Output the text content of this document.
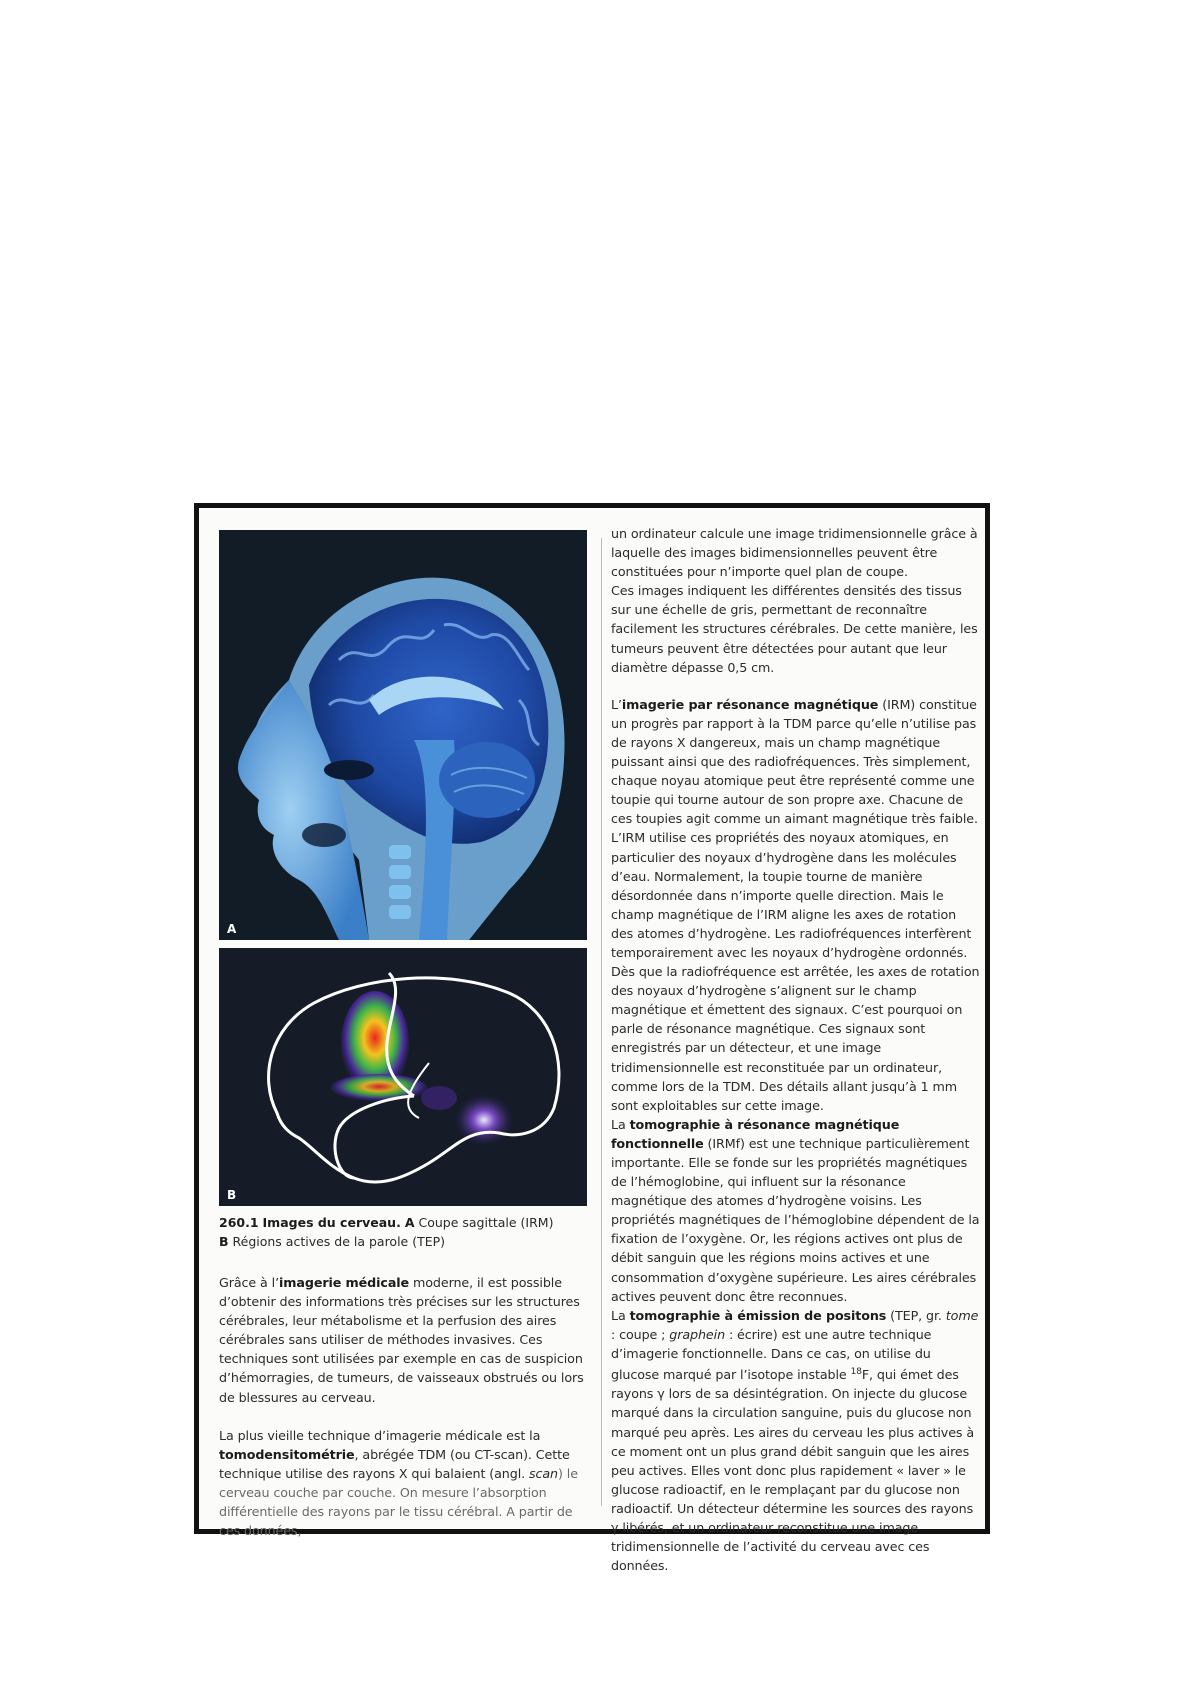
A
B
260.1 Images du cerveau. A Coupe sagittale (IRM)
B Régions actives de la parole (TEP)

Grâce à l’imagerie médicale moderne, il est possible d’obtenir des informations très précises sur les structures cérébrales, leur métabolisme et la perfusion des aires cérébrales sans utiliser de méthodes invasives. Ces techniques sont utilisées par exemple en cas de suspicion d’hémorragies, de tumeurs, de vaisseaux obstrués ou lors de blessures au cerveau.

La plus vieille technique d’imagerie médicale est la tomodensitométrie, abrégée TDM (ou CT-scan). Cette technique utilise des rayons X qui balaient (angl. scan) le cerveau couche par couche. On mesure l’absorption différentielle des rayons par le tissu cérébral. A partir de ces données,

un ordinateur calcule une image tridimensionnelle grâce à laquelle des images bidimensionnelles peuvent être constituées pour n’importe quel plan de coupe.

Ces images indiquent les différentes densités des tissus sur une échelle de gris, permettant de reconnaître facilement les structures cérébrales. De cette manière, les tumeurs peuvent être détectées pour autant que leur diamètre dépasse 0,5 cm.

L’imagerie par résonance magnétique (IRM) constitue un progrès par rapport à la TDM parce qu’elle n’utilise pas de rayons X dangereux, mais un champ magnétique puissant ainsi que des radiofréquences. Très simplement, chaque noyau atomique peut être représenté comme une toupie qui tourne autour de son propre axe. Chacune de ces toupies agit comme un aimant magnétique très faible. L’IRM utilise ces propriétés des noyaux atomiques, en particulier des noyaux d’hydrogène dans les molécules d’eau. Normalement, la toupie tourne de manière désordonnée dans n’importe quelle direction. Mais le champ magnétique de l’IRM aligne les axes de rotation des atomes d’hydrogène. Les radiofréquences interfèrent temporairement avec les noyaux d’hydrogène ordonnés. Dès que la radiofréquence est arrêtée, les axes de rotation des noyaux d’hydrogène s’alignent sur le champ magnétique et émettent des signaux. C’est pourquoi on parle de résonance magnétique. Ces signaux sont enregistrés par un détecteur, et une image tridimensionnelle est reconstituée par un ordinateur, comme lors de la TDM. Des détails allant jusqu’à 1 mm sont exploitables sur cette image.

La tomographie à résonance magnétique fonctionnelle (IRMf) est une technique particulièrement importante. Elle se fonde sur les propriétés magnétiques de l’hémoglobine, qui influent sur la résonance magnétique des atomes d’hydrogène voisins. Les propriétés magnétiques de l’hémoglobine dépendent de la fixation de l’oxygène. Or, les régions actives ont plus de débit sanguin que les régions moins actives et une consommation d’oxygène supérieure. Les aires cérébrales actives peuvent donc être reconnues.

La tomographie à émission de positons (TEP, gr. tome : coupe ; graphein : écrire) est une autre technique d’imagerie fonctionnelle. Dans ce cas, on utilise du glucose marqué par l’isotope instable $^{18}$F, qui émet des rayons γ lors de sa désintégration. On injecte du glucose marqué dans la circulation sanguine, puis du glucose non marqué peu après. Les aires du cerveau les plus actives à ce moment ont un plus grand débit sanguin que les aires peu actives. Elles vont donc plus rapidement « laver » le glucose radioactif, en le remplaçant par du glucose non radioactif. Un détecteur détermine les sources des rayons γ libérés, et un ordinateur reconstitue une image tridimensionnelle de l’activité du cerveau avec ces données.
